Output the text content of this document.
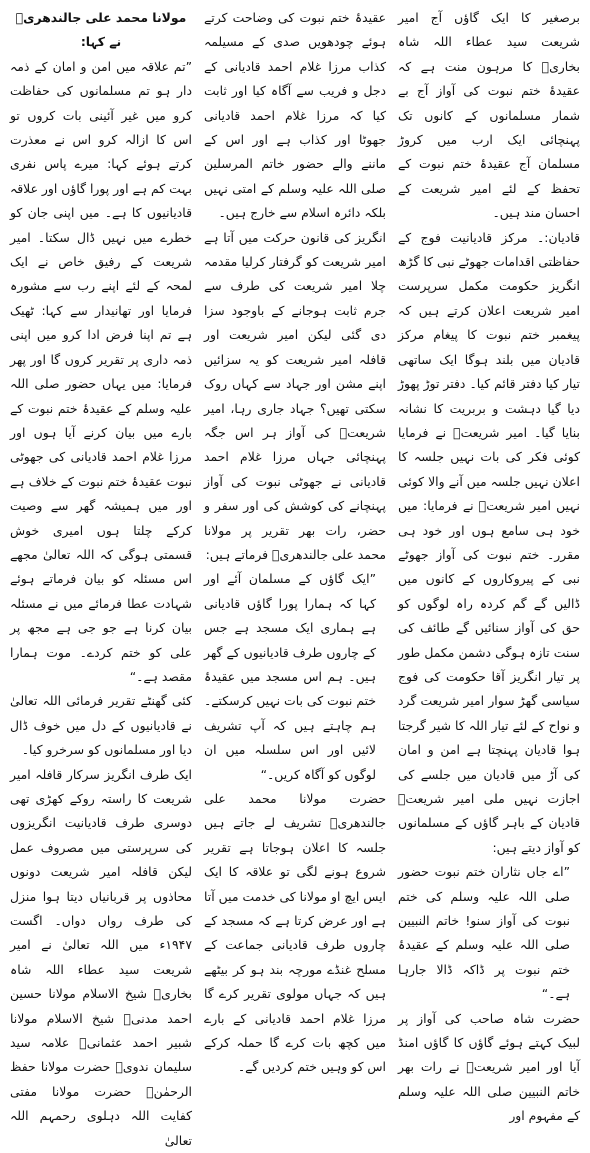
برصغیر کا ایک گاؤں آج امیر شریعت سید عطاء اللہ شاہ بخاریؒ کا مرہون منت ہے کہ عقیدۂ ختم نبوت کی آواز آج بے شمار مسلمانوں کے کانوں تک پہنچائی ایک ارب میں کروڑ مسلمان آج عقیدۂ ختم نبوت کے تحفظ کے لئے امیر شریعت کے احسان مند ہیں۔

قادیان:۔ مرکز قادیانیت فوج کے حفاظتی اقدامات جھوٹے نبی کا گڑھ انگریز حکومت مکمل سرپرست امیر شریعت اعلان کرتے ہیں کہ پیغمبر ختم نبوت کا پیغام مرکز قادیان میں بلند ہوگا ایک ساتھی تیار کیا دفتر قائم کیا۔ دفتر توڑ پھوڑ دیا گیا دہشت و بربریت کا نشانہ بنایا گیا۔ امیر شریعتؒ نے فرمایا کوئی فکر کی بات نہیں جلسہ کا اعلان نہیں جلسہ میں آنے والا کوئی نہیں امیر شریعتؒ نے فرمایا: میں خود ہی سامع ہوں اور خود ہی مقرر۔ ختم نبوت کی آواز جھوٹے نبی کے پیروکاروں کے کانوں میں ڈالیں گے گم کردہ راہ لوگوں کو حق کی آواز سنائیں گے طائف کی سنت تازہ ہوگی دشمن مکمل طور پر تیار انگریز آقا حکومت کی فوج سیاسی گھڑ سوار امیر شریعت گرد و نواح کے لئے تیار اللہ کا شیر گرجتا ہوا قادیان پہنچتا ہے امن و امان کی آڑ میں قادیان میں جلسے کی اجازت نہیں ملی امیر شریعتؒ قادیان کے باہر گاؤں کے مسلمانوں کو آواز دیتے ہیں:

”اے جاں نثاران ختم نبوت حضور صلی اللہ علیہ وسلم کی ختم نبوت کی آواز سنو! خاتم النبیین صلی اللہ علیہ وسلم کے عقیدۂ ختم نبوت پر ڈاکہ ڈالا جارہا ہے۔“

حضرت شاہ صاحب کی آواز پر لبیک کہتے ہوئے گاؤں کا گاؤں امنڈ آیا اور امیر شریعتؒ نے رات بھر خاتم النبیین صلی اللہ علیہ وسلم کے مفہوم اور

عقیدۂ ختم نبوت کی وضاحت کرتے ہوئے چودھویں صدی کے مسیلمہ کذاب مرزا غلام احمد قادیانی کے دجل و فریب سے آگاہ کیا اور ثابت کیا کہ مرزا غلام احمد قادیانی جھوٹا اور کذاب ہے اور اس کے ماننے والے حضور خاتم المرسلین صلی اللہ علیہ وسلم کے امتی نہیں بلکہ دائرہ اسلام سے خارج ہیں۔

انگریز کی قانون حرکت میں آتا ہے امیر شریعت کو گرفتار کرلیا مقدمہ چلا امیر شریعت کی طرف سے جرم ثابت ہوجانے کے باوجود سزا دی گئی لیکن امیر شریعت اور قافلہ امیر شریعت کو یہ سزائیں اپنے مشن اور جہاد سے کہاں روک سکتی تھیں؟ جہاد جاری رہا، امیر شریعتؒ کی آواز ہر اس جگہ پہنچائی جہاں مرزا غلام احمد قادیانی نے جھوٹی نبوت کی آواز پہنچانے کی کوشش کی اور سفر و حضر، رات بھر تقریر پر مولانا محمد علی جالندھریؒ فرماتے ہیں:

”ایک گاؤں کے مسلمان آئے اور کہا کہ ہمارا پورا گاؤں قادیانی ہے ہماری ایک مسجد ہے جس کے چاروں طرف قادیانیوں کے گھر ہیں۔ ہم اس مسجد میں عقیدۂ ختم نبوت کی بات نہیں کرسکتے۔ ہم چاہتے ہیں کہ آپ تشریف لائیں اور اس سلسلہ میں ان لوگوں کو آگاہ کریں۔“

حضرت مولانا محمد علی جالندھریؒ تشریف لے جاتے ہیں جلسہ کا اعلان ہوجاتا ہے تقریر شروع ہونے لگی تو علاقہ کا ایک ایس ایچ او مولانا کی خدمت میں آتا ہے اور عرض کرتا ہے کہ مسجد کے چاروں طرف قادیانی جماعت کے مسلح غنڈے مورچہ بند ہو کر بیٹھے ہیں کہ جہاں مولوی تقریر کرے گا مرزا غلام احمد قادیانی کے بارے میں کچھ بات کرے گا حملہ کرکے اس کو وہیں ختم کردیں گے۔

مولانا محمد علی جالندھریؒ نے کہا:

”تم علاقہ میں امن و امان کے ذمہ دار ہو تم مسلمانوں کی حفاظت کرو میں غیر آئینی بات کروں تو اس کا ازالہ کرو اس نے معذرت کرتے ہوئے کہا: میرے پاس نفری بہت کم ہے اور پورا گاؤں اور علاقہ قادیانیوں کا ہے۔ میں اپنی جان کو خطرے میں نہیں ڈال سکتا۔ امیر شریعت کے رفیق خاص نے ایک لمحہ کے لئے اپنے رب سے مشورہ فرمایا اور تھانیدار سے کہا: ٹھیک ہے تم اپنا فرض ادا کرو میں اپنی ذمہ داری پر تقریر کروں گا اور پھر فرمایا: میں یہاں حضور صلی اللہ علیہ وسلم کے عقیدۂ ختم نبوت کے بارے میں بیان کرنے آیا ہوں اور مرزا غلام احمد قادیانی کی جھوٹی نبوت عقیدۂ ختم نبوت کے خلاف ہے اور میں ہمیشہ گھر سے وصیت کرکے چلتا ہوں امیری خوش قسمتی ہوگی کہ اللہ تعالیٰ مجھے اس مسئلہ کو بیان فرماتے ہوئے شہادت عطا فرمائے میں نے مسئلہ بیان کرنا ہے جو جی ہے مجھ پر علی کو ختم کردے۔ موت ہمارا مقصد ہے۔“

کئی گھنٹے تقریر فرمائی اللہ تعالیٰ نے قادیانیوں کے دل میں خوف ڈال دیا اور مسلمانوں کو سرخرو کیا۔

ایک طرف انگریز سرکار قافلہ امیر شریعت کا راستہ روکے کھڑی تھی دوسری طرف قادیانیت انگریزوں کی سرپرستی میں مصروف عمل لیکن قافلہ امیر شریعت دونوں محاذوں پر قربانیاں دیتا ہوا منزل کی طرف رواں دواں۔ اگست ۱۹۴۷ء میں اللہ تعالیٰ نے امیر شریعت سید عطاء اللہ شاہ بخاریؒ شیخ الاسلام مولانا حسین احمد مدنیؒ شیخ الاسلام مولانا شبیر احمد عثمانیؒ علامہ سید سلیمان ندویؒ حضرت مولانا حفظ الرحمٰنؒ حضرت مولانا مفتی کفایت اللہ دہلوی رحمہم اللہ تعالیٰ
